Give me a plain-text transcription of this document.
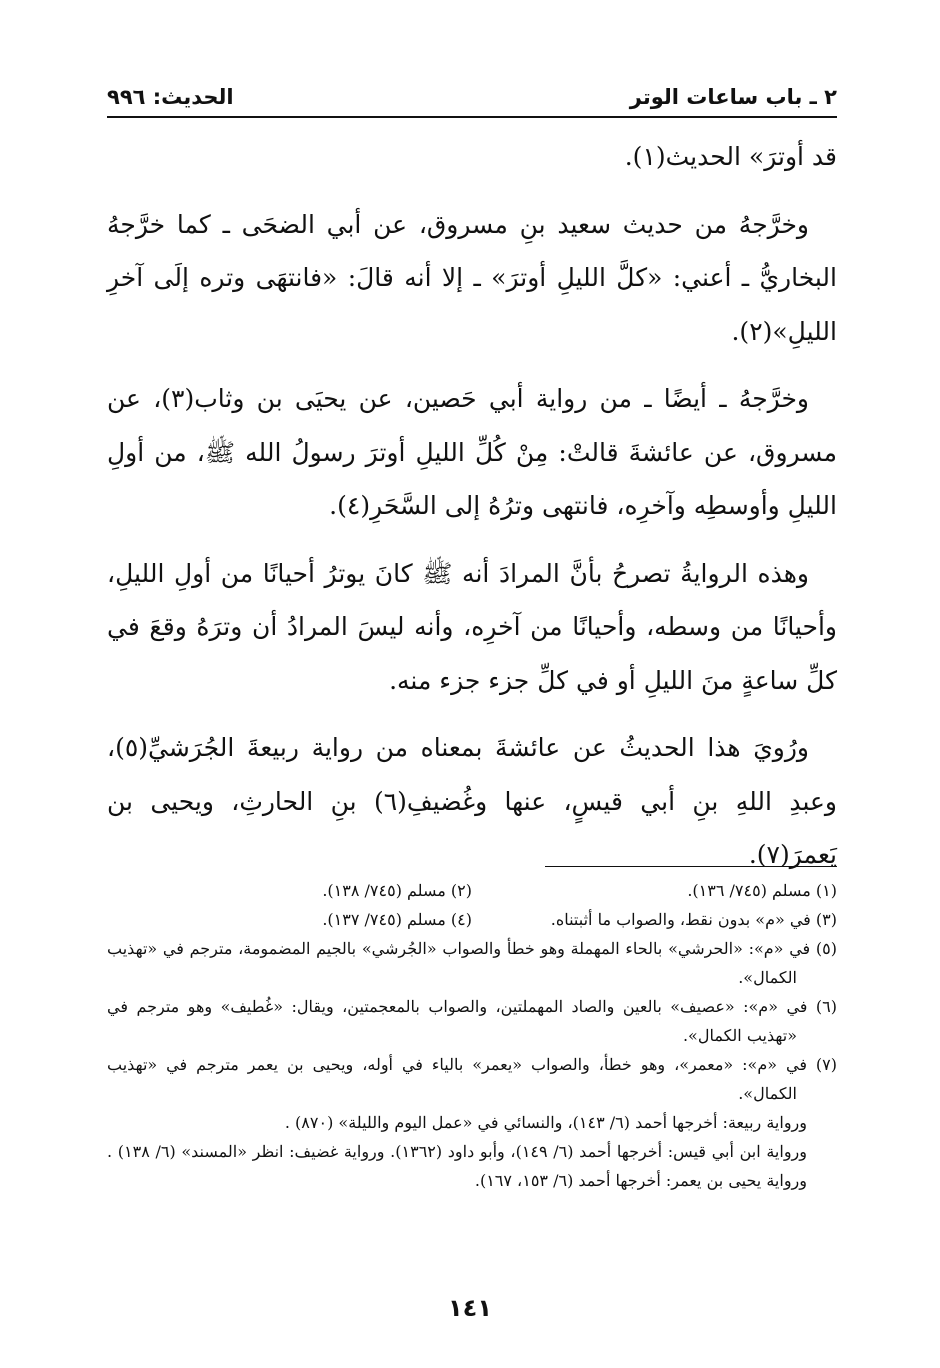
٢ ـ باب ساعات الوتر
الحديث: ٩٩٦

قد أوترَ» الحديث(١).

وخرَّجهُ من حديث سعيد بنِ مسروق، عن أبي الضحَى ـ كما خرَّجهُ البخاريُّ ـ أعني: «كلَّ الليلِ أوترَ» ـ إلا أنه قالَ: «فانتهَى وتره إلَى آخرِ الليلِ»(٢).

وخرَّجهُ ـ أيضًا ـ من رواية أبي حَصين، عن يحيَى بن وثاب(٣)، عن مسروق، عن عائشةَ قالتْ: مِنْ كُلِّ الليلِ أوترَ رسولُ الله ﷺ، من أولِ الليلِ وأوسطِه وآخرِه، فانتهى وترُهُ إلى السَّحَرِ(٤).

وهذه الروايةُ تصرحُ بأنَّ المرادَ أنه ﷺ كانَ يوترُ أحيانًا من أولِ الليلِ، وأحيانًا من وسطه، وأحيانًا من آخرِه، وأنه ليسَ المرادُ أن وترَهُ وقعَ في كلِّ ساعةٍ منَ الليلِ أو في كلِّ جزء جزء منه.

ورُويَ هذا الحديثُ عن عائشةَ بمعناه من رواية ربيعةَ الجُرَشيِّ(٥)، وعبدِ اللهِ بنِ أبي قيسٍ، عنها وغُضيفِ(٦) بنِ الحارثِ، ويحيى بن يَعمرَ(٧).

(١) مسلم (٧٤٥/ ١٣٦).
(٢) مسلم (٧٤٥/ ١٣٨).
(٣) في «م» بدون نقط، والصواب ما أثبتناه.
(٤) مسلم (٧٤٥/ ١٣٧).

(٥) في «م»: «الحرشي» بالحاء المهملة وهو خطأ والصواب «الجُرشي» بالجيم المضمومة، مترجم في «تهذيب الكمال».

(٦) في «م»: «عصيف» بالعين والصاد المهملتين، والصواب بالمعجمتين، ويقال: «غُطيف» وهو مترجم في «تهذيب الكمال».

(٧) في «م»: «معمر»، وهو خطأ، والصواب «يعمر» بالياء في أوله، ويحيى بن يعمر مترجم في «تهذيب الكمال».

ورواية ربيعة: أخرجها أحمد (٦/ ١٤٣)، والنسائي في «عمل اليوم والليلة» (٨٧٠) .

ورواية ابن أبي قيس: أخرجها أحمد (٦/ ١٤٩)، وأبو داود (١٣٦٢). ورواية غضيف: انظر «المسند» (٦/ ١٣٨) . ورواية يحيى بن يعمر: أخرجها أحمد (٦/ ١٥٣، ١٦٧).

١٤١
